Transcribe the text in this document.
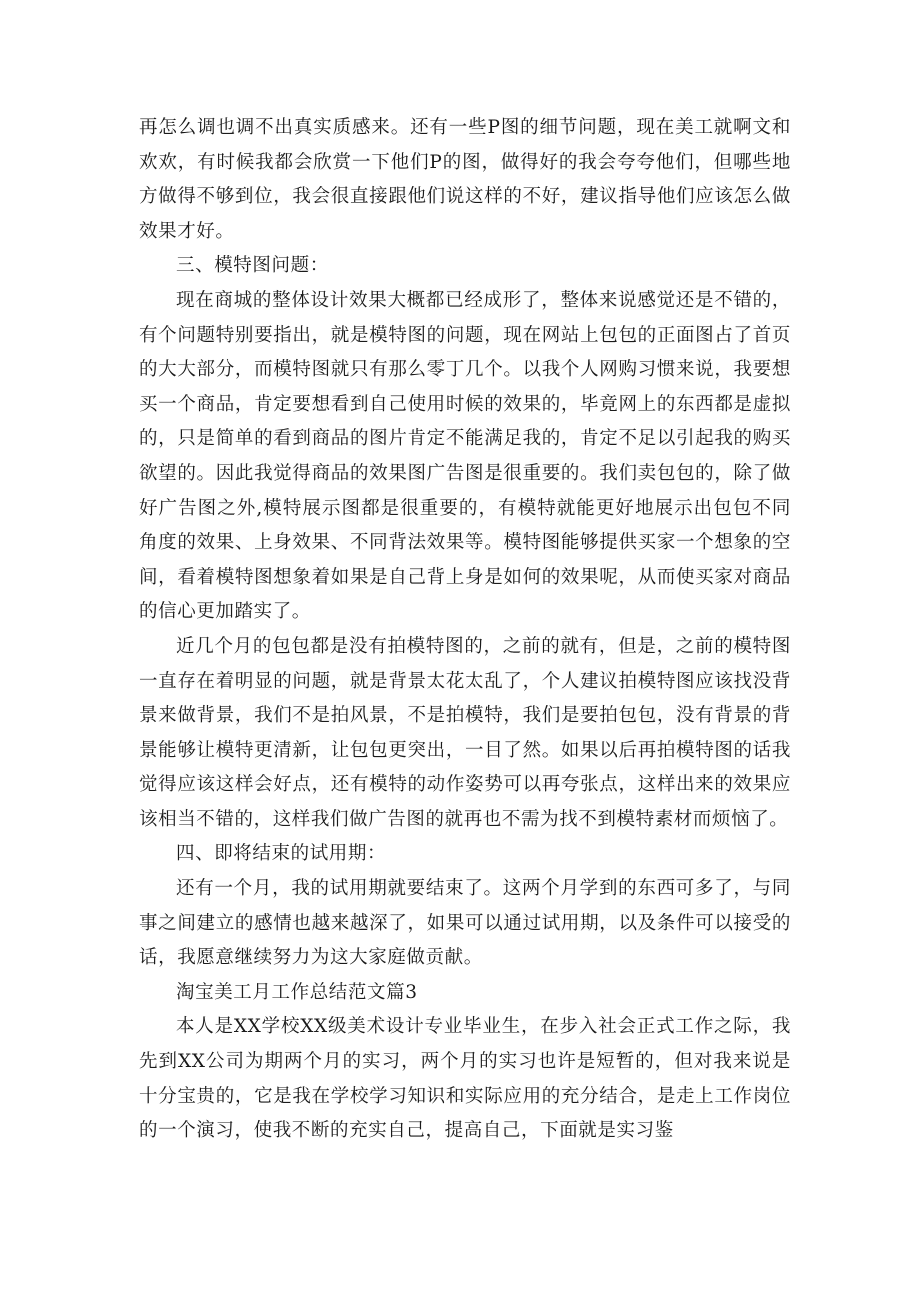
再怎么调也调不出真实质感来。还有一些P图的细节问题，现在美工就啊文和欢欢，有时候我都会欣赏一下他们P的图，做得好的我会夸夸他们，但哪些地方做得不够到位，我会很直接跟他们说这样的不好，建议指导他们应该怎么做效果才好。

三、模特图问题：

现在商城的整体设计效果大概都已经成形了，整体来说感觉还是不错的，有个问题特别要指出，就是模特图的问题，现在网站上包包的正面图占了首页的大大部分，而模特图就只有那么零丁几个。以我个人网购习惯来说，我要想买一个商品，肯定要想看到自己使用时候的效果的，毕竟网上的东西都是虚拟的，只是简单的看到商品的图片肯定不能满足我的，肯定不足以引起我的购买欲望的。因此我觉得商品的效果图广告图是很重要的。我们卖包包的，除了做好广告图之外,模特展示图都是很重要的，有模特就能更好地展示出包包不同角度的效果、上身效果、不同背法效果等。模特图能够提供买家一个想象的空间，看着模特图想象着如果是自己背上身是如何的效果呢，从而使买家对商品的信心更加踏实了。

近几个月的包包都是没有拍模特图的，之前的就有，但是，之前的模特图一直存在着明显的问题，就是背景太花太乱了，个人建议拍模特图应该找没背景来做背景，我们不是拍风景，不是拍模特，我们是要拍包包，没有背景的背景能够让模特更清新，让包包更突出，一目了然。如果以后再拍模特图的话我觉得应该这样会好点，还有模特的动作姿势可以再夸张点，这样出来的效果应该相当不错的，这样我们做广告图的就再也不需为找不到模特素材而烦恼了。

四、即将结束的试用期：

还有一个月，我的试用期就要结束了。这两个月学到的东西可多了，与同事之间建立的感情也越来越深了，如果可以通过试用期，以及条件可以接受的话，我愿意继续努力为这大家庭做贡献。

淘宝美工月工作总结范文篇3

本人是XX学校XX级美术设计专业毕业生，在步入社会正式工作之际，我先到XX公司为期两个月的实习，两个月的实习也许是短暂的，但对我来说是十分宝贵的，它是我在学校学习知识和实际应用的充分结合，是走上工作岗位的一个演习，使我不断的充实自己，提高自己，下面就是实习鉴
